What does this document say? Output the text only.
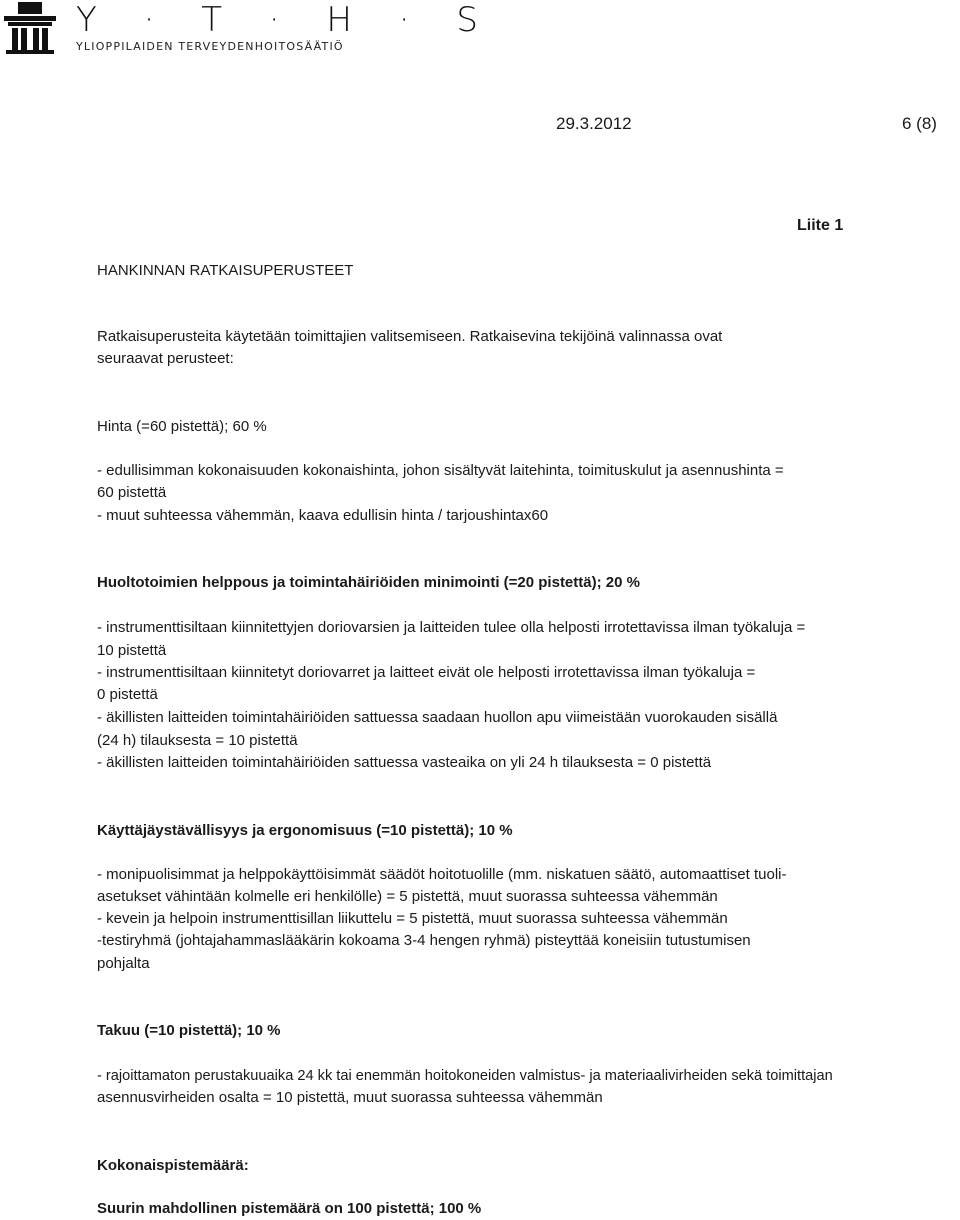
Y · T · H · S
YLIOPPILAIDEN TERVEYDENHOITOSÄÄTIÖ
29.3.2012	6 (8)
Liite 1
HANKINNAN RATKAISUPERUSTEET
Ratkaisuperusteita käytetään toimittajien valitsemiseen. Ratkaisevina tekijöinä valinnassa ovat
seuraavat perusteet:
Hinta (=60 pistettä); 60 %
- edullisimman kokonaisuuden kokonaishinta, johon sisältyvät laitehinta, toimituskulut ja asennushinta =
60 pistettä
- muut suhteessa vähemmän, kaava edullisin hinta / tarjoushintax60
Huoltotoimien helppous ja toimintahäiriöiden minimointi (=20 pistettä); 20 %
- instrumenttisiltaan kiinnitettyjen doriovarsien ja laitteiden tulee olla helposti irrotettavissa ilman työkaluja =
10 pistettä
- instrumenttisiltaan kiinnitetyt doriovarret ja laitteet eivät ole helposti irrotettavissa ilman työkaluja =
0 pistettä
- äkillisten laitteiden toimintahäiriöiden sattuessa saadaan huollon apu viimeistään vuorokauden sisällä
(24 h) tilauksesta = 10 pistettä
- äkillisten laitteiden toimintahäiriöiden sattuessa vasteaika on yli 24 h tilauksesta = 0 pistettä
Käyttäjäystävällisyys ja ergonomisuus (=10 pistettä); 10 %
- monipuolisimmat ja helppokäyttöisimmät säädöt hoitotuolille (mm. niskatuen säätö, automaattiset tuoli-
asetukset vähintään kolmelle eri henkilölle) = 5 pistettä, muut suorassa suhteessa vähemmän
- kevein ja helpoin instrumenttisillan liikuttelu = 5 pistettä, muut suorassa suhteessa vähemmän
-testiryhmä (johtajahammaslääkärin kokoama 3-4 hengen ryhmä) pisteyttää koneisiin tutustumisen
pohjalta
Takuu (=10 pistettä); 10 %
- rajoittamaton perustakuuaika 24 kk tai enemmän hoitokoneiden valmistus- ja materiaalivirheiden sekä toimittajan
asennusvirheiden osalta = 10 pistettä, muut suorassa suhteessa vähemmän
Kokonaispistemäärä:
Suurin mahdollinen pistemäärä on 100 pistettä; 100 %
